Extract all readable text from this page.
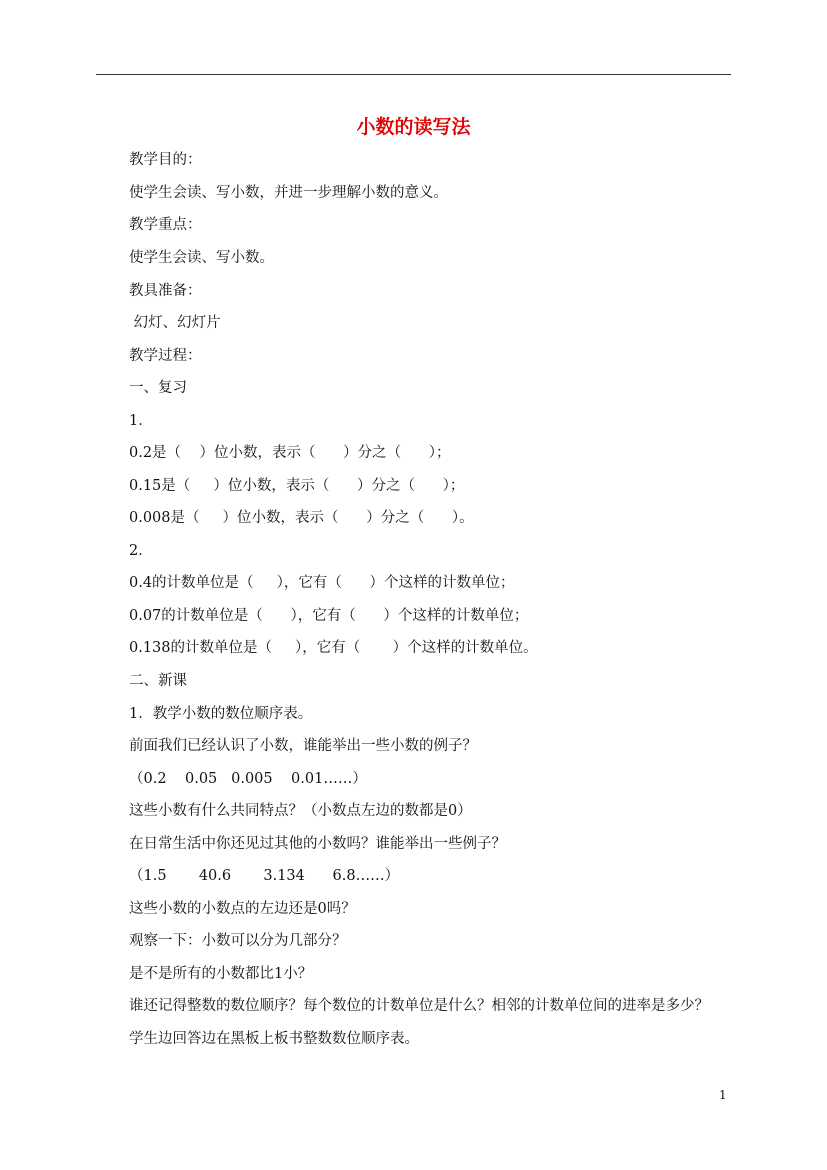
小数的读写法
教学目的：
使学生会读、写小数，并进一步理解小数的意义。
教学重点：
使学生会读、写小数。
教具准备：
幻灯、幻灯片
教学过程：
一、复习
1．
0.2是（    ）位小数，表示（      ）分之（      ）；
0.15是（     ）位小数，表示（      ）分之（      ）；
0.008是（     ）位小数，表示（      ）分之（      ）。
2．
0.4的计数单位是（     ），它有（      ）个这样的计数单位；
0.07的计数单位是（      ），它有（      ）个这样的计数单位；
0.138的计数单位是（     ），它有（       ）个这样的计数单位。
二、新课
1．教学小数的数位顺序表。
前面我们已经认识了小数，谁能举出一些小数的例子？
（0.2    0.05   0.005    0.01……）
这些小数有什么共同特点？（小数点左边的数都是0）
在日常生活中你还见过其他的小数吗？谁能举出一些例子？
（1.5       40.6       3.134      6.8……）
这些小数的小数点的左边还是0吗？
观察一下：小数可以分为几部分？
是不是所有的小数都比1小？
谁还记得整数的数位顺序？每个数位的计数单位是什么？相邻的计数单位间的进率是多少？
学生边回答边在黑板上板书整数数位顺序表。
1
